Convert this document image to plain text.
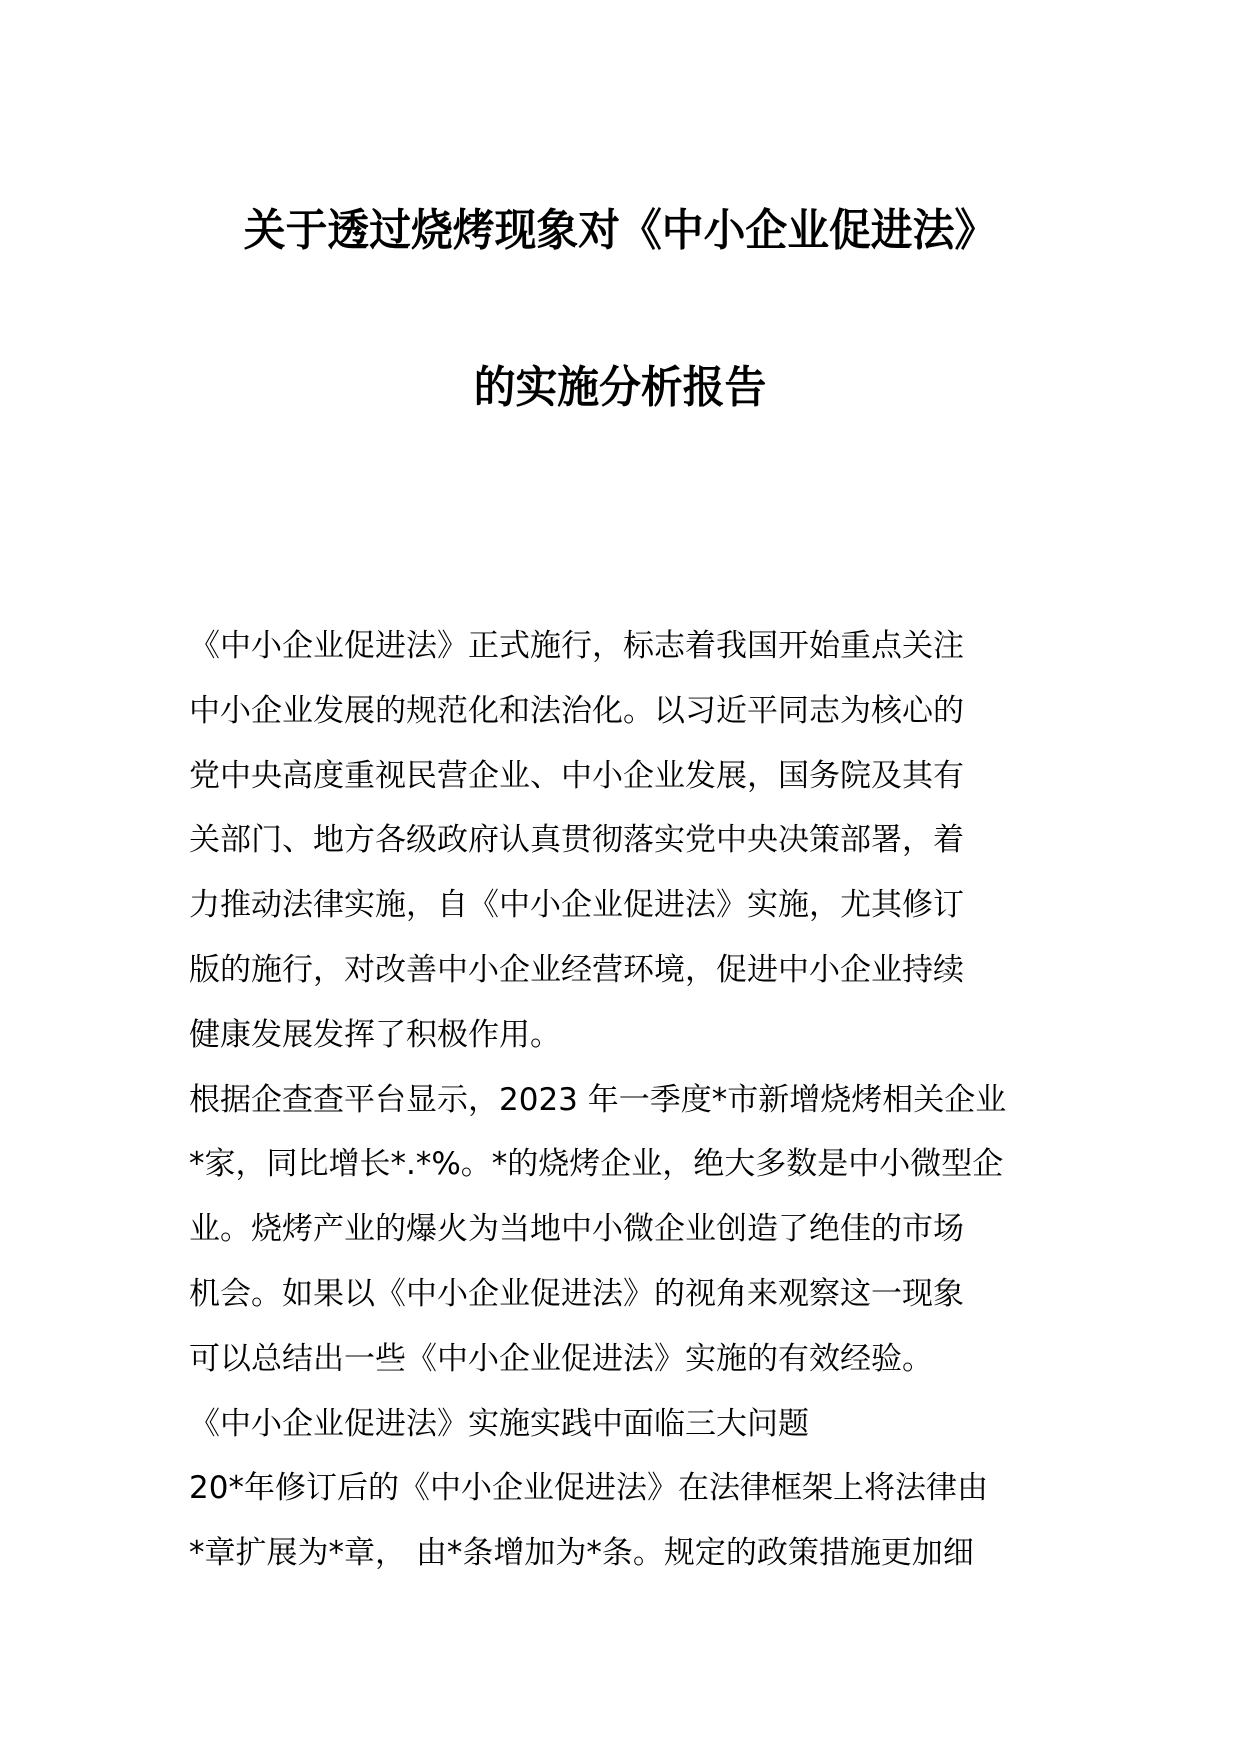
关于透过烧烤现象对《中小企业促进法》
的实施分析报告
《中小企业促进法》正式施行，标志着我国开始重点关注
中小企业发展的规范化和法治化。以习近平同志为核心的
党中央高度重视民营企业、中小企业发展，国务院及其有
关部门、地方各级政府认真贯彻落实党中央决策部署，着
力推动法律实施，自《中小企业促进法》实施，尤其修订
版的施行，对改善中小企业经营环境，促进中小企业持续
健康发展发挥了积极作用。
根据企查查平台显示，2023 年一季度*市新增烧烤相关企业
*家，同比增长*.*%。*的烧烤企业，绝大多数是中小微型企
业。烧烤产业的爆火为当地中小微企业创造了绝佳的市场
机会。如果以《中小企业促进法》的视角来观察这一现象
可以总结出一些《中小企业促进法》实施的有效经验。
《中小企业促进法》实施实践中面临三大问题
20*年修订后的《中小企业促进法》在法律框架上将法律由
*章扩展为*章， 由*条增加为*条。规定的政策措施更加细
